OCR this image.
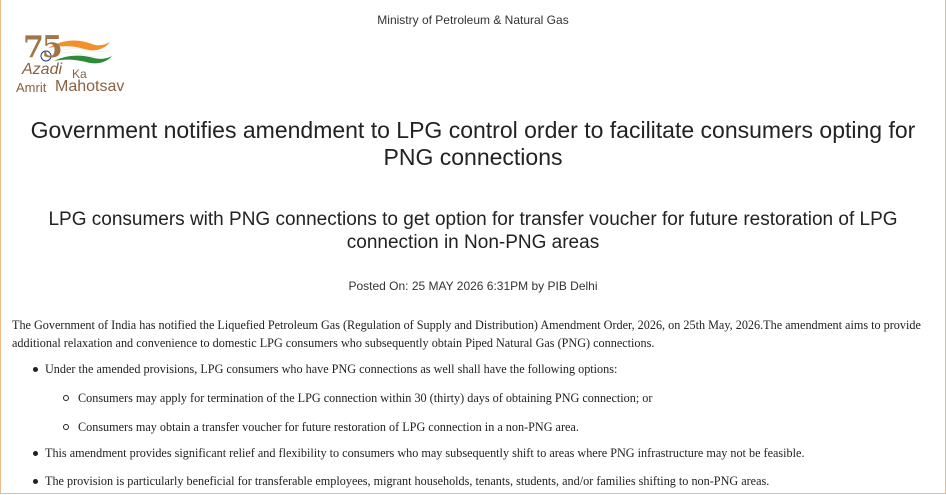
Ministry of Petroleum & Natural Gas
75
Azadi Ka
Amrit Mahotsav
Government notifies amendment to LPG control order to facilitate consumers opting for PNG connections
LPG consumers with PNG connections to get option for transfer voucher for future restoration of LPG connection in Non-PNG areas
Posted On: 25 MAY 2026 6:31PM by PIB Delhi

The Government of India has notified the Liquefied Petroleum Gas (Regulation of Supply and Distribution) Amendment Order, 2026, on 25th May, 2026.The amendment aims to provide additional relaxation and convenience to domestic LPG consumers who subsequently obtain Piped Natural Gas (PNG) connections.

Under the amended provisions, LPG consumers who have PNG connections as well shall have the following options:
Consumers may apply for termination of the LPG connection within 30 (thirty) days of obtaining PNG connection; or
Consumers may obtain a transfer voucher for future restoration of LPG connection in a non-PNG area.
This amendment provides significant relief and flexibility to consumers who may subsequently shift to areas where PNG infrastructure may not be feasible.
The provision is particularly beneficial for transferable employees, migrant households, tenants, students, and/or families shifting to non-PNG areas.
